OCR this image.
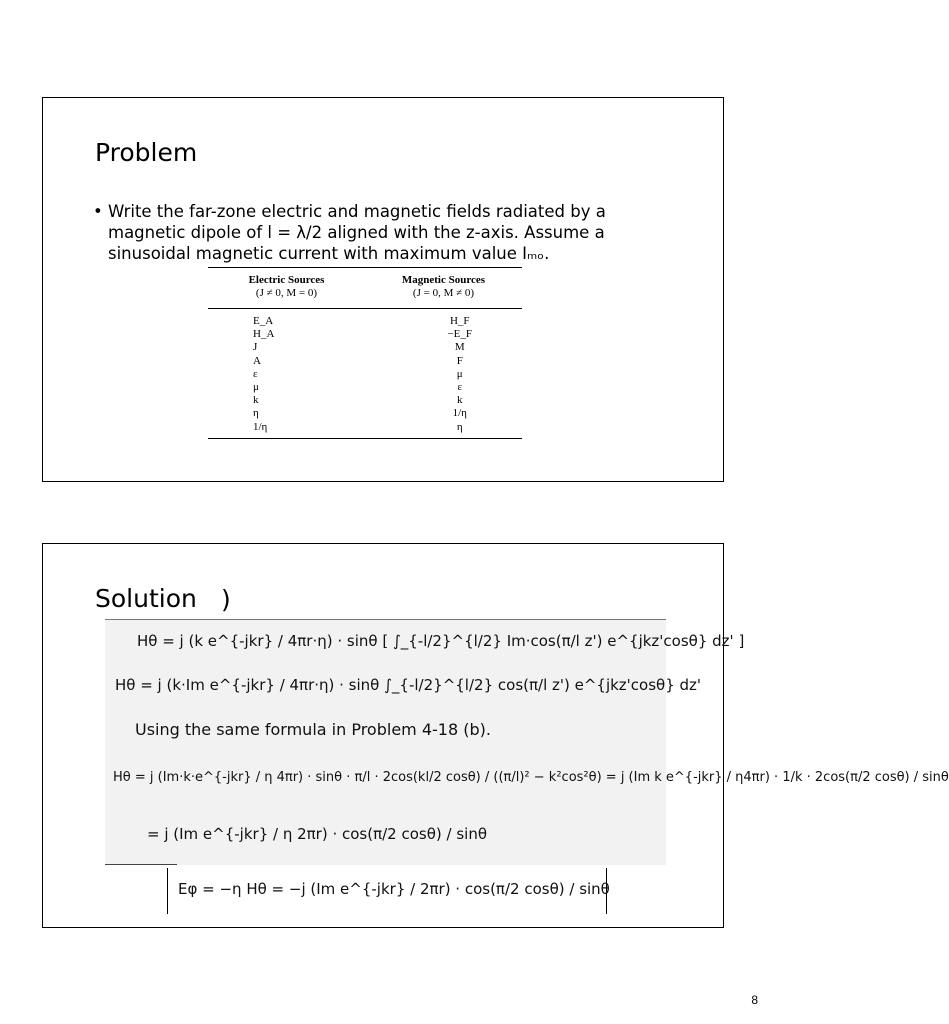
Problem
• Write the far-zone electric and magnetic fields radiated by a magnetic dipole of l = λ/2 aligned with the z-axis. Assume a sinusoidal magnetic current with maximum value Iₘₒ.
Electric Sources
(J ≠ 0, M = 0)
Magnetic Sources
(J = 0, M ≠ 0)
E_A	H_F
H_A	−E_F
J	M
A	F
ε	μ
μ	ε
k	k
η	1/η
1/η	η
Solution )
Hθ = j (k e^{-jkr} / 4πr·η) · sinθ [ ∫_{-l/2}^{l/2} Im·cos(π/l z') e^{jkz'cosθ} dz' ]
Hθ = j (k·Im e^{-jkr} / 4πr·η) · sinθ ∫_{-l/2}^{l/2} cos(π/l z') e^{jkz'cosθ} dz'
Using the same formula in Problem 4-18 (b).
Hθ = j (Im·k·e^{-jkr} / η 4πr) · sinθ · π/l · 2cos(kl/2 cosθ) / ((π/l)² − k²cos²θ) = j (Im k e^{-jkr} / η4πr) · 1/k · 2cos(π/2 cosθ) / sinθ
= j (Im e^{-jkr} / η 2πr) · cos(π/2 cosθ) / sinθ
Eφ = −η Hθ = −j (Im e^{-jkr} / 2πr) · cos(π/2 cosθ) / sinθ
8
